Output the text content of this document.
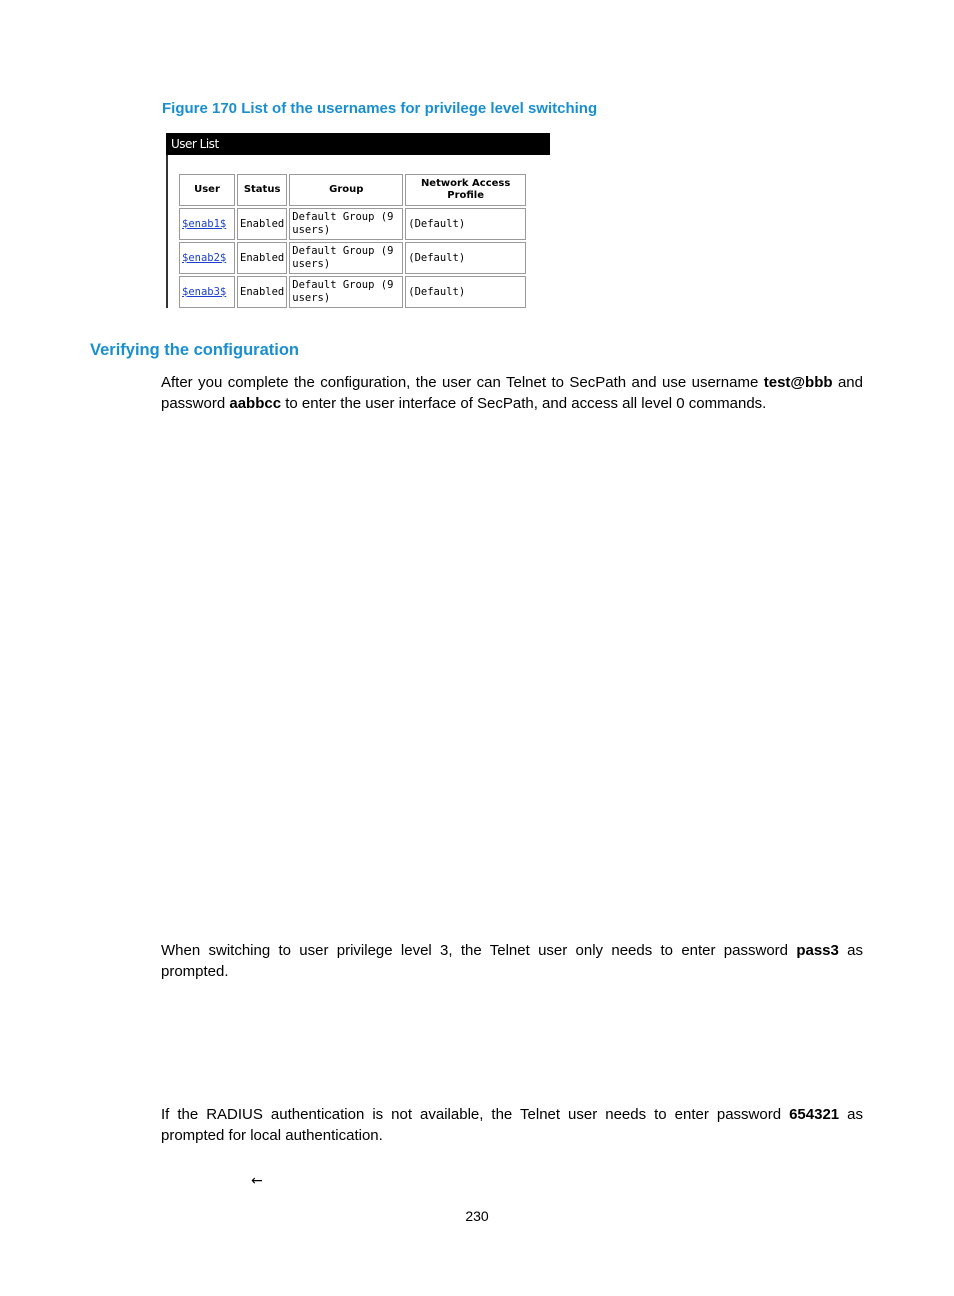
Figure 170 List of the usernames for privilege level switching
User List
User	Status	Group	Network Access Profile
$enab1$	Enabled	Default Group (9 users)	(Default)
$enab2$	Enabled	Default Group (9 users)	(Default)
$enab3$	Enabled	Default Group (9 users)	(Default)
Verifying the configuration

After you complete the configuration, the user can Telnet to SecPath and use username test@bbb and password aabbcc to enter the user interface of SecPath, and access all level 0 commands.

When switching to user privilege level 3, the Telnet user only needs to enter password pass3 as prompted.

If the RADIUS authentication is not available, the Telnet user needs to enter password 654321 as prompted for local authentication.

←
230
